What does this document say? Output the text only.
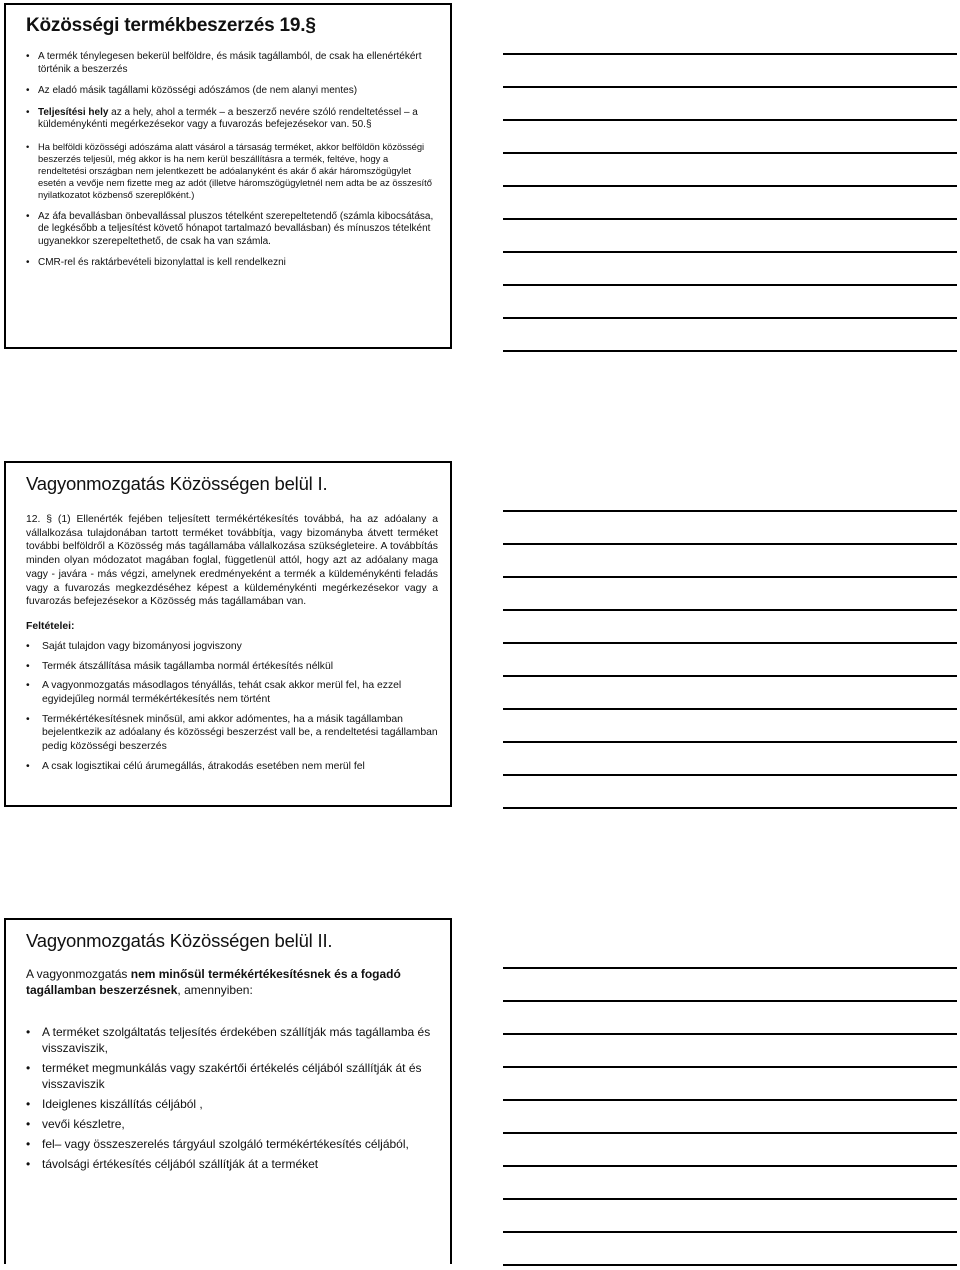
Közösségi termékbeszerzés 19.§
• A termék ténylegesen bekerül belföldre, és másik tagállamból, de csak ha ellenértékért történik a beszerzés
• Az eladó másik tagállami közösségi adószámos (de nem alanyi mentes)
• Teljesítési hely az a hely, ahol a termék – a beszerző nevére szóló rendeltetéssel – a küldeménykénti megérkezésekor vagy a fuvarozás befejezésekor van. 50.§
• Ha belföldi közösségi adószáma alatt vásárol a társaság terméket, akkor belföldön közösségi beszerzés teljesül, még akkor is ha nem kerül beszállításra a termék, feltéve, hogy a rendeltetési országban nem jelentkezett be adóalanyként és akár ő akár háromszögügylet esetén a vevője nem fizette meg az adót (illetve háromszögügyletnél nem adta be az összesítő nyilatkozatot közbenső szereplőként.)
• Az áfa bevallásban önbevallással pluszos tételként szerepeltetendő (számla kibocsátása, de legkésőbb a teljesítést követő hónapot tartalmazó bevallásban) és mínuszos tételként ugyanekkor szerepeltethető, de csak ha van számla.
• CMR-rel és raktárbevételi bizonylattal is kell rendelkezni
Vagyonmozgatás Közösségen belül I.
12. § (1) Ellenérték fejében teljesített termékértékesítés továbbá, ha az adóalany a vállalkozása tulajdonában tartott terméket továbbítja, vagy bizományba átvett terméket további belföldről a Közösség más tagállamába vállalkozása szükségleteire. A továbbítás minden olyan módozatot magában foglal, függetlenül attól, hogy azt az adóalany maga vagy - javára - más végzi, amelynek eredményeként a termék a küldeménykénti feladás vagy a fuvarozás megkezdéséhez képest a küldeménykénti megérkezésekor vagy a fuvarozás befejezésekor a Közösség más tagállamában van.
Feltételei:
• Saját tulajdon vagy bizományosi jogviszony
• Termék átszállítása másik tagállamba normál értékesítés nélkül
• A vagyonmozgatás másodlagos tényállás, tehát csak akkor merül fel, ha ezzel egyidejűleg normál termékértékesítés nem történt
• Termékértékesítésnek minősül, ami akkor adómentes, ha a másik tagállamban bejelentkezik az adóalany és közösségi beszerzést vall be, a rendeltetési tagállamban pedig közösségi beszerzés
• A csak logisztikai célú árumegállás, átrakodás esetében nem merül fel
Vagyonmozgatás Közösségen belül II.
A vagyonmozgatás nem minősül termékértékesítésnek és a fogadó tagállamban beszerzésnek, amennyiben:
• A terméket szolgáltatás teljesítés érdekében szállítják más tagállamba és visszaviszik,
• terméket megmunkálás vagy szakértői értékelés céljából szállítják át és visszaviszik
• Ideiglenes kiszállítás céljából ,
• vevői készletre,
• fel– vagy összeszerelés tárgyául szolgáló termékértékesítés céljából,
• távolsági értékesítés céljából szállítják át a terméket
